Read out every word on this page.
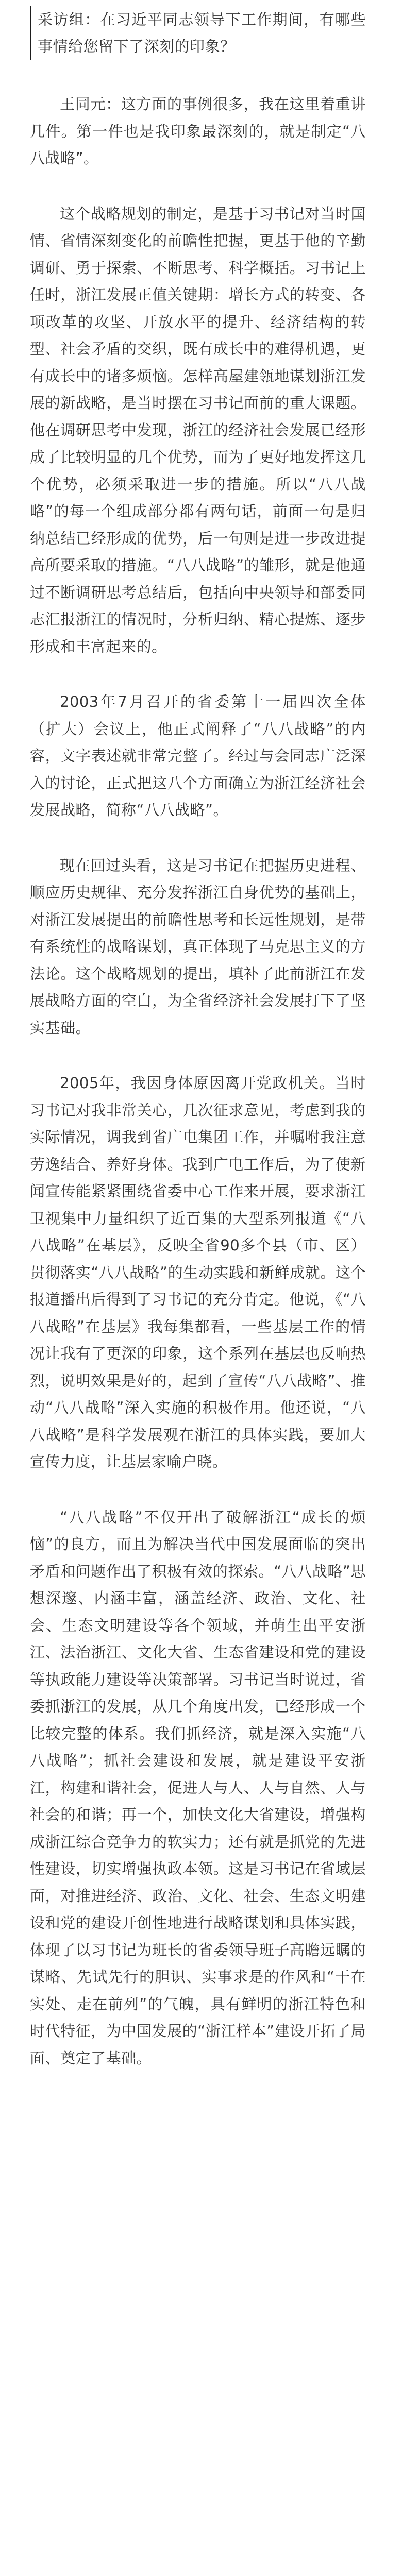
采访组：在习近平同志领导下工作期间，有哪些事情给您留下了深刻的印象？

王同元：这方面的事例很多，我在这里着重讲几件。第一件也是我印象最深刻的，就是制定“八八战略”。

这个战略规划的制定，是基于习书记对当时国情、省情深刻变化的前瞻性把握，更基于他的辛勤调研、勇于探索、不断思考、科学概括。习书记上任时，浙江发展正值关键期：增长方式的转变、各项改革的攻坚、开放水平的提升、经济结构的转型、社会矛盾的交织，既有成长中的难得机遇，更有成长中的诸多烦恼。怎样高屋建瓴地谋划浙江发展的新战略，是当时摆在习书记面前的重大课题。他在调研思考中发现，浙江的经济社会发展已经形成了比较明显的几个优势，而为了更好地发挥这几个优势，必须采取进一步的措施。所以“八八战略”的每一个组成部分都有两句话，前面一句是归纳总结已经形成的优势，后一句则是进一步改进提高所要采取的措施。“八八战略”的雏形，就是他通过不断调研思考总结后，包括向中央领导和部委同志汇报浙江的情况时，分析归纳、精心提炼、逐步形成和丰富起来的。

2003年7月召开的省委第十一届四次全体（扩大）会议上，他正式阐释了“八八战略”的内容，文字表述就非常完整了。经过与会同志广泛深入的讨论，正式把这八个方面确立为浙江经济社会发展战略，简称“八八战略”。

现在回过头看，这是习书记在把握历史进程、顺应历史规律、充分发挥浙江自身优势的基础上，对浙江发展提出的前瞻性思考和长远性规划，是带有系统性的战略谋划，真正体现了马克思主义的方法论。这个战略规划的提出，填补了此前浙江在发展战略方面的空白，为全省经济社会发展打下了坚实基础。

2005年，我因身体原因离开党政机关。当时习书记对我非常关心，几次征求意见，考虑到我的实际情况，调我到省广电集团工作，并嘱咐我注意劳逸结合、养好身体。我到广电工作后，为了使新闻宣传能紧紧围绕省委中心工作来开展，要求浙江卫视集中力量组织了近百集的大型系列报道《“八八战略”在基层》，反映全省90多个县（市、区）贯彻落实“八八战略”的生动实践和新鲜成就。这个报道播出后得到了习书记的充分肯定。他说，《“八八战略”在基层》我每集都看，一些基层工作的情况让我有了更深的印象，这个系列在基层也反响热烈，说明效果是好的，起到了宣传“八八战略”、推动“八八战略”深入实施的积极作用。他还说，“八八战略”是科学发展观在浙江的具体实践，要加大宣传力度，让基层家喻户晓。

“八八战略”不仅开出了破解浙江“成长的烦恼”的良方，而且为解决当代中国发展面临的突出矛盾和问题作出了积极有效的探索。“八八战略”思想深邃、内涵丰富，涵盖经济、政治、文化、社会、生态文明建设等各个领域，并萌生出平安浙江、法治浙江、文化大省、生态省建设和党的建设等执政能力建设等决策部署。习书记当时说过，省委抓浙江的发展，从几个角度出发，已经形成一个比较完整的体系。我们抓经济，就是深入实施“八八战略”；抓社会建设和发展，就是建设平安浙江，构建和谐社会，促进人与人、人与自然、人与社会的和谐；再一个，加快文化大省建设，增强构成浙江综合竞争力的软实力；还有就是抓党的先进性建设，切实增强执政本领。这是习书记在省域层面，对推进经济、政治、文化、社会、生态文明建设和党的建设开创性地进行战略谋划和具体实践，体现了以习书记为班长的省委领导班子高瞻远瞩的谋略、先试先行的胆识、实事求是的作风和“干在实处、走在前列”的气魄，具有鲜明的浙江特色和时代特征，为中国发展的“浙江样本”建设开拓了局面、奠定了基础。
